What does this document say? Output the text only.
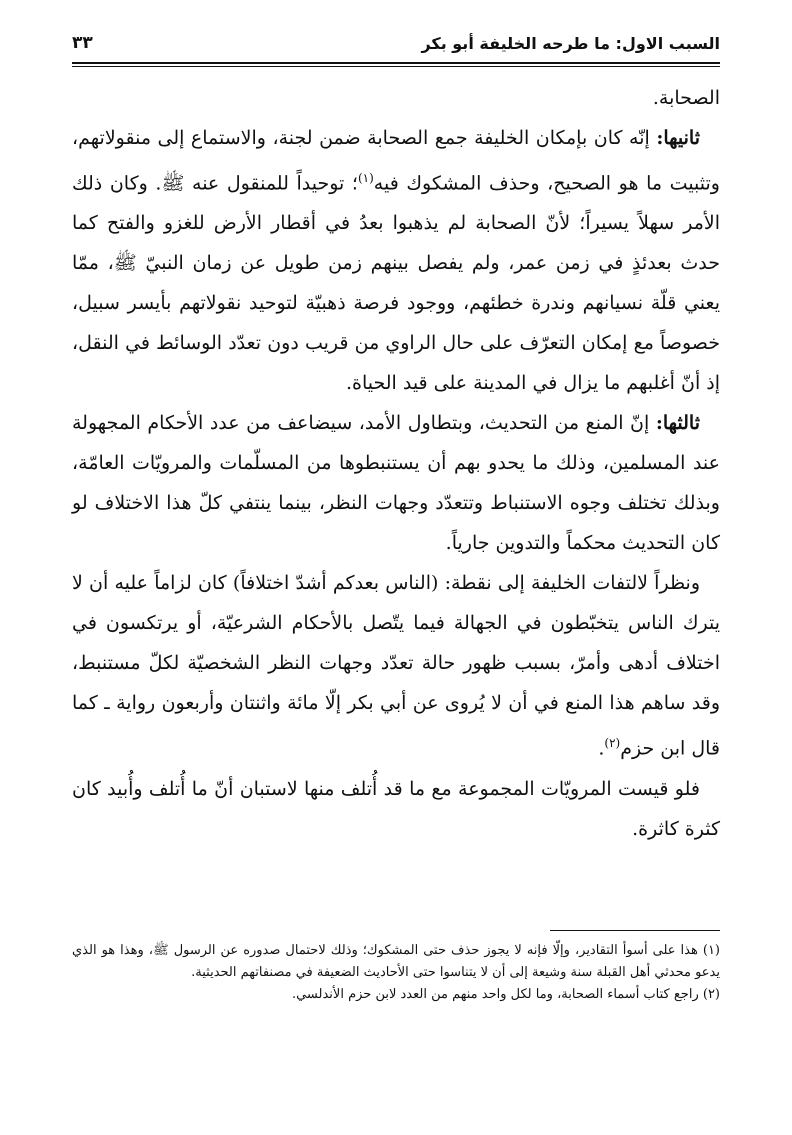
السبب الاول: ما طرحه الخليفة أبو بكر
٣٣

الصحابة.

ثانيها: إنّه كان بإمكان الخليفة جمع الصحابة ضمن لجنة، والاستماع إلى منقولاتهم، وتثبيت ما هو الصحيح، وحذف المشكوك فيه$^{(١)}$؛ توحيداً للمنقول عنه ﷺ. وكان ذلك الأمر سهلاً يسيراً؛ لأنّ الصحابة لم يذهبوا بعدُ في أقطار الأرض للغزو والفتح كما حدث بعدئذٍ في زمن عمر، ولم يفصل بينهم زمن طويل عن زمان النبيّ ﷺ، ممّا يعني قلّة نسيانهم وندرة خطئهم، ووجود فرصة ذهبيّة لتوحيد نقولاتهم بأيسر سبيل، خصوصاً مع إمكان التعرّف على حال الراوي من قريب دون تعدّد الوسائط في النقل، إذ أنّ أغلبهم ما يزال في المدينة على قيد الحياة.

ثالثها: إنّ المنع من التحديث، وبتطاول الأمد، سيضاعف من عدد الأحكام المجهولة عند المسلمين، وذلك ما يحدو بهم أن يستنبطوها من المسلّمات والمرويّات العامّة، وبذلك تختلف وجوه الاستنباط وتتعدّد وجهات النظر، بينما ينتفي كلّ هذا الاختلاف لو كان التحديث محكماً والتدوين جارياً.

ونظراً لالتفات الخليفة إلى نقطة: (الناس بعدكم أشدّ اختلافاً) كان لزاماً عليه أن لا يترك الناس يتخبّطون في الجهالة فيما يتّصل بالأحكام الشرعيّة، أو يرتكسون في اختلاف أدهى وأمرّ، بسبب ظهور حالة تعدّد وجهات النظر الشخصيّة لكلّ مستنبط، وقد ساهم هذا المنع في أن لا يُروى عن أبي بكر إلّا مائة واثنتان وأربعون رواية ـ كما قال ابن حزم$^{(٢)}$.

فلو قيست المرويّات المجموعة مع ما قد أُتلف منها لاستبان أنّ ما أُتلف وأُبيد كان كثرة كاثرة.

(١) هذا على أسوأ التقادير، وإلّا فإنه لا يجوز حذف حتى المشكوك؛ وذلك لاحتمال صدوره عن الرسول ﷺ، وهذا هو الذي يدعو محدثي أهل القبلة سنة وشيعة إلى أن لا يتناسوا حتى الأحاديث الضعيفة في مصنفاتهم الحديثية.

(٢) راجع كتاب أسماء الصحابة، وما لكل واحد منهم من العدد لابن حزم الأندلسي.
